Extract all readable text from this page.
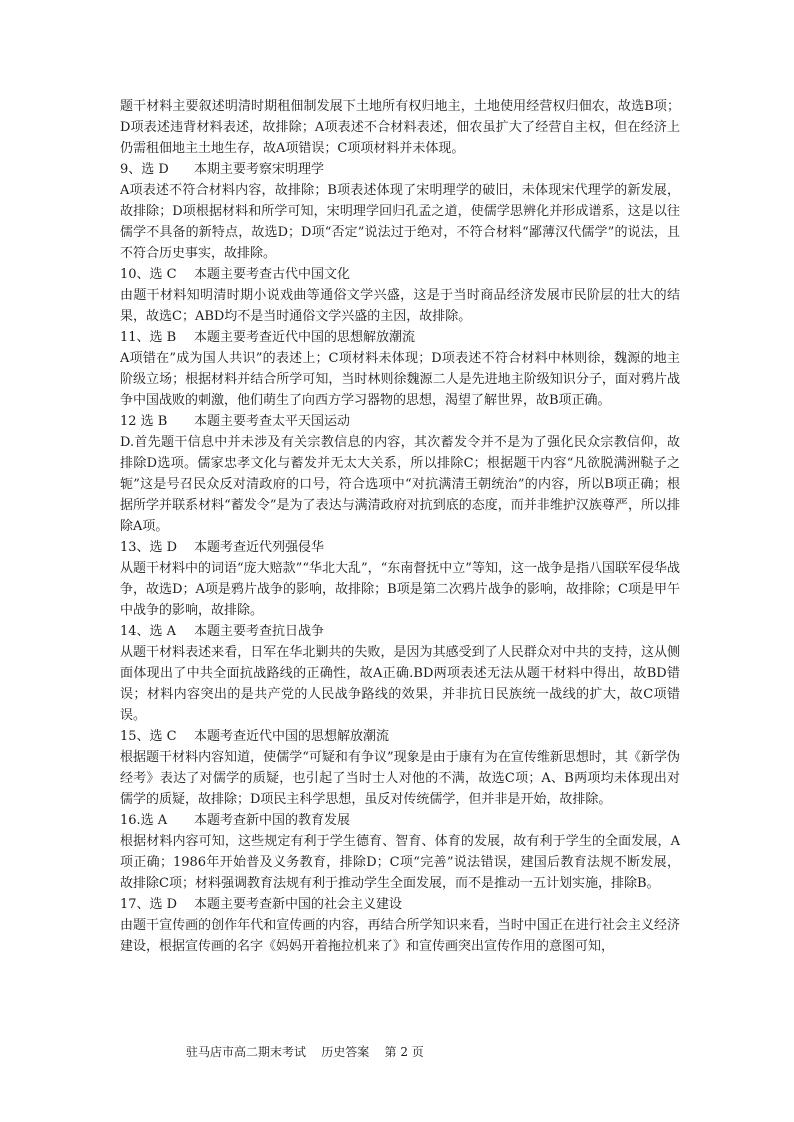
题干材料主要叙述明清时期租佃制发展下土地所有权归地主，土地使用经营权归佃农，故选B项；D项表述违背材料表述，故排除；A项表述不合材料表述，佃农虽扩大了经营自主权，但在经济上仍需租佃地主土地生存，故A项错误；C项项材料并未体现。

9、选 D 本期主要考察宋明理学

A项表述不符合材料内容，故排除；B项表述体现了宋明理学的破旧，未体现宋代理学的新发展，故排除；D项根据材料和所学可知，宋明理学回归孔孟之道，使儒学思辨化并形成谱系，这是以往儒学不具备的新特点，故选D；D项“否定”说法过于绝对，不符合材料“鄙薄汉代儒学”的说法，且不符合历史事实，故排除。

10、选 C 本题主要考查古代中国文化

由题干材料知明清时期小说戏曲等通俗文学兴盛，这是于当时商品经济发展市民阶层的壮大的结果，故选C；ABD均不是当时通俗文学兴盛的主因，故排除。

11、选 B 本题主要考查近代中国的思想解放潮流

A项错在”成为国人共识”的表述上；C项材料未体现；D项表述不符合材料中林则徐，魏源的地主阶级立场；根据材料并结合所学可知，当时林则徐魏源二人是先进地主阶级知识分子，面对鸦片战争中国战败的刺激，他们萌生了向西方学习器物的思想，渴望了解世界，故B项正确。

12 选 B 本题主要考查太平天国运动

D.首先题干信息中并未涉及有关宗教信息的内容，其次蓄发令并不是为了强化民众宗教信仰，故排除D选项。儒家忠孝文化与蓄发并无太大关系，所以排除C；根据题干内容“凡欲脱满洲鞑子之轭”这是号召民众反对清政府的口号，符合选项中“对抗满清王朝统治”的内容，所以B项正确；根据所学并联系材料“蓄发令”是为了表达与满清政府对抗到底的态度，而并非维护汉族尊严，所以排除A项。

13、选 D 本题考查近代列强侵华

从题干材料中的词语“庞大赔款”“华北大乱”，“东南督抚中立”等知，这一战争是指八国联军侵华战争，故选D；A项是鸦片战争的影响，故排除；B项是第二次鸦片战争的影响，故排除；C项是甲午中战争的影响，故排除。

14、选 A 本题主要考查抗日战争

从题干材料表述来看，日军在华北剿共的失败，是因为其感受到了人民群众对中共的支持，这从侧面体现出了中共全面抗战路线的正确性，故A正确.BD两项表述无法从题干材料中得出，故BD错误；材料内容突出的是共产党的人民战争路线的效果，并非抗日民族统一战线的扩大，故C项错误。

15、选 C 本题考查近代中国的思想解放潮流

根据题干材料内容知道，使儒学“可疑和有争议”现象是由于康有为在宣传维新思想时，其《新学伪经考》表达了对儒学的质疑，也引起了当时士人对他的不满，故选C项；A、B两项均未体现出对儒学的质疑，故排除；D项民主科学思想，虽反对传统儒学，但并非是开始，故排除。

16.选 A 本题考查新中国的教育发展

根据材料内容可知，这些规定有利于学生德育、智育、体育的发展，故有利于学生的全面发展，A项正确；1986年开始普及义务教育，排除D；C项“完善”说法错误，建国后教育法规不断发展，故排除C项；材料强调教育法规有利于推动学生全面发展，而不是推动一五计划实施，排除B。

17、选 D 本题主要考查新中国的社会主义建设

由题干宣传画的创作年代和宣传画的内容，再结合所学知识来看，当时中国正在进行社会主义经济建设，根据宣传画的名字《妈妈开着拖拉机来了》和宣传画突出宣传作用的意图可知，

驻马店市高二期末考试    历史答案    第 2 页
